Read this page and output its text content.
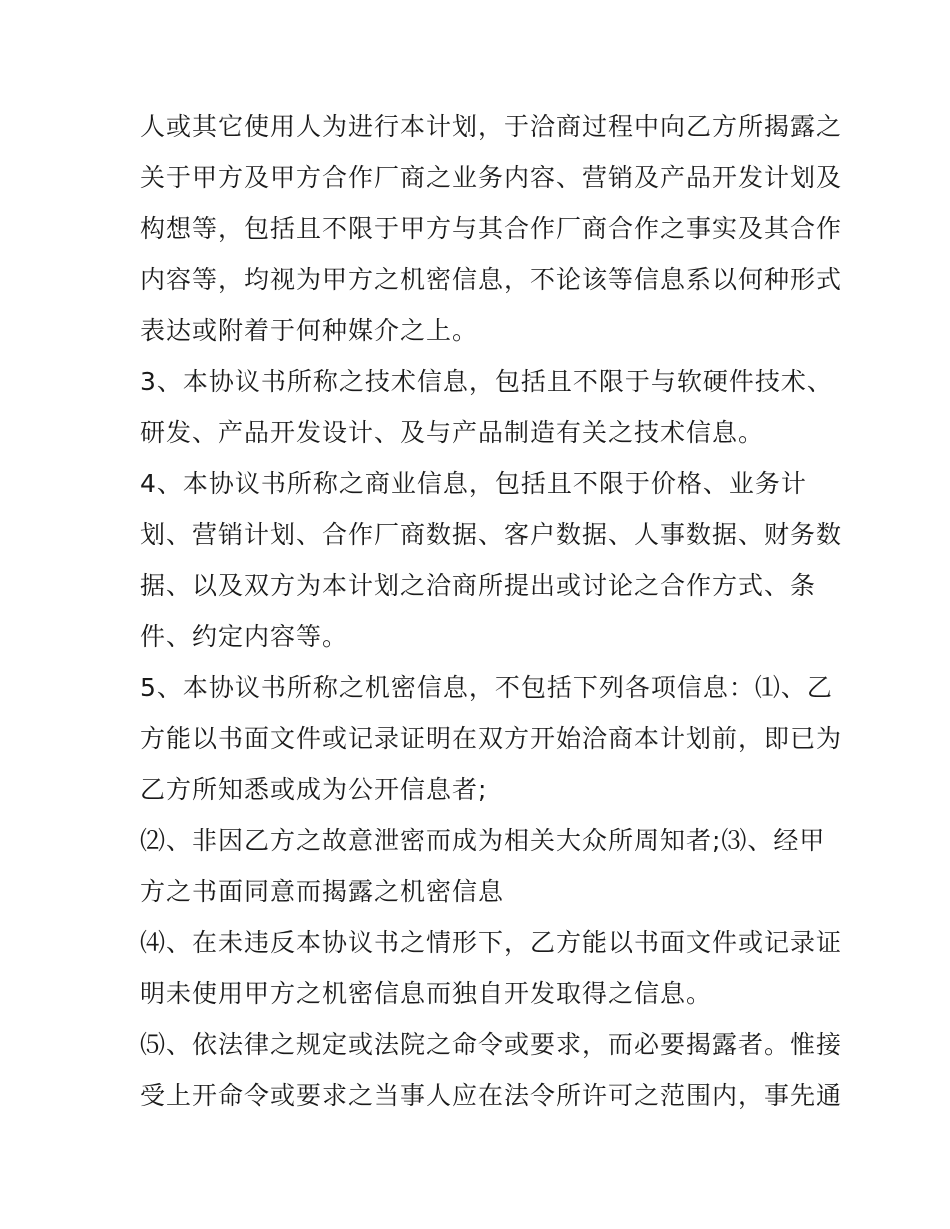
人或其它使用人为进行本计划，于洽商过程中向乙方所揭露之
关于甲方及甲方合作厂商之业务内容、营销及产品开发计划及
构想等，包括且不限于甲方与其合作厂商合作之事实及其合作
内容等，均视为甲方之机密信息，不论该等信息系以何种形式
表达或附着于何种媒介之上。
3、本协议书所称之技术信息，包括且不限于与软硬件技术、
研发、产品开发设计、及与产品制造有关之技术信息。
4、本协议书所称之商业信息，包括且不限于价格、业务计
划、营销计划、合作厂商数据、客户数据、人事数据、财务数
据、以及双方为本计划之洽商所提出或讨论之合作方式、条
件、约定内容等。
5、本协议书所称之机密信息，不包括下列各项信息：⑴、乙
方能以书面文件或记录证明在双方开始洽商本计划前，即已为
乙方所知悉或成为公开信息者;
⑵、非因乙方之故意泄密而成为相关大众所周知者;⑶、经甲
方之书面同意而揭露之机密信息
⑷、在未违反本协议书之情形下，乙方能以书面文件或记录证
明未使用甲方之机密信息而独自开发取得之信息。
⑸、依法律之规定或法院之命令或要求，而必要揭露者。惟接
受上开命令或要求之当事人应在法令所许可之范围内，事先通
